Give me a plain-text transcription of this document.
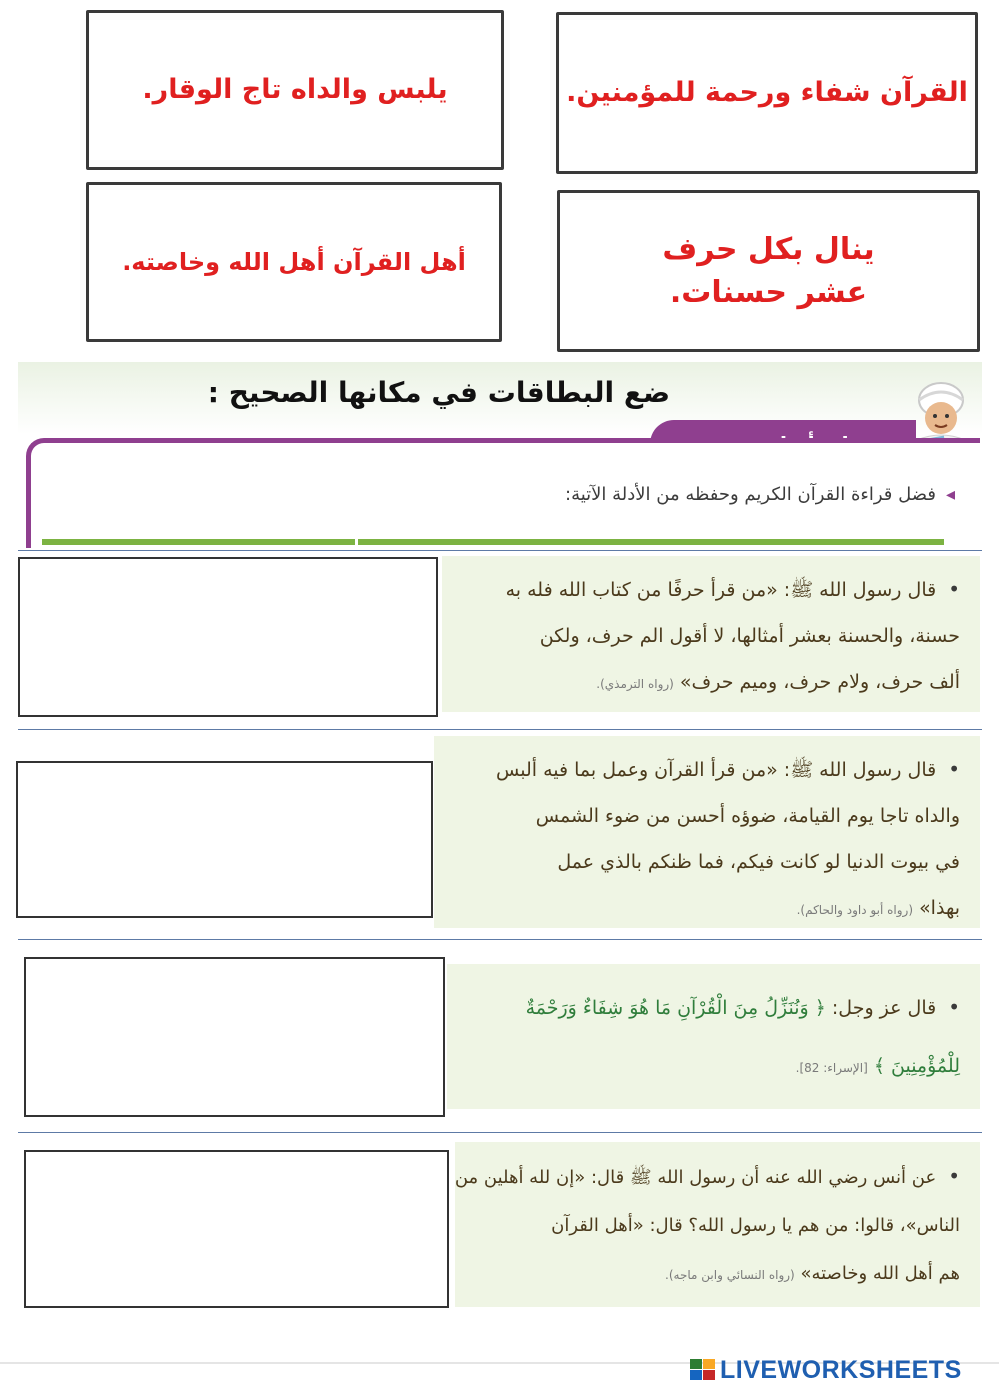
القرآن شفاء ورحمة للمؤمنين.
يلبس والداه تاج الوقار.
ينال بكل حرف
عشر حسنات.
أهل القرآن أهل الله وخاصته.
ضع البطاقات في مكانها الصحيح :
◂فضل قراءة القرآن الكريم وحفظه من الأدلة الآتية:
• قال رسول الله ﷺ: «من قرأ حرفًا من كتاب الله فله به
حسنة، والحسنة بعشر أمثالها، لا أقول الم حرف، ولكن
ألف حرف، ولام حرف، وميم حرف» (رواه الترمذي).
• قال رسول الله ﷺ: «من قرأ القرآن وعمل بما فيه ألبس
والداه تاجا يوم القيامة، ضوؤه أحسن من ضوء الشمس
في بيوت الدنيا لو كانت فيكم، فما ظنكم بالذي عمل
بهذا» (رواه أبو داود والحاكم).
• قال عز وجل: ﴿ وَنُنَزِّلُ مِنَ الْقُرْآنِ مَا هُوَ شِفَاءٌ وَرَحْمَةٌ
لِلْمُؤْمِنِينَ ﴾ [الإسراء: 82].
• عن أنس رضي الله عنه أن رسول الله ﷺ قال: «إن لله أهلين من
الناس»، قالوا: من هم يا رسول الله؟ قال: «أهل القرآن
هم أهل الله وخاصته» (رواه النسائي وابن ماجه).
LIVEWORKSHEETS
